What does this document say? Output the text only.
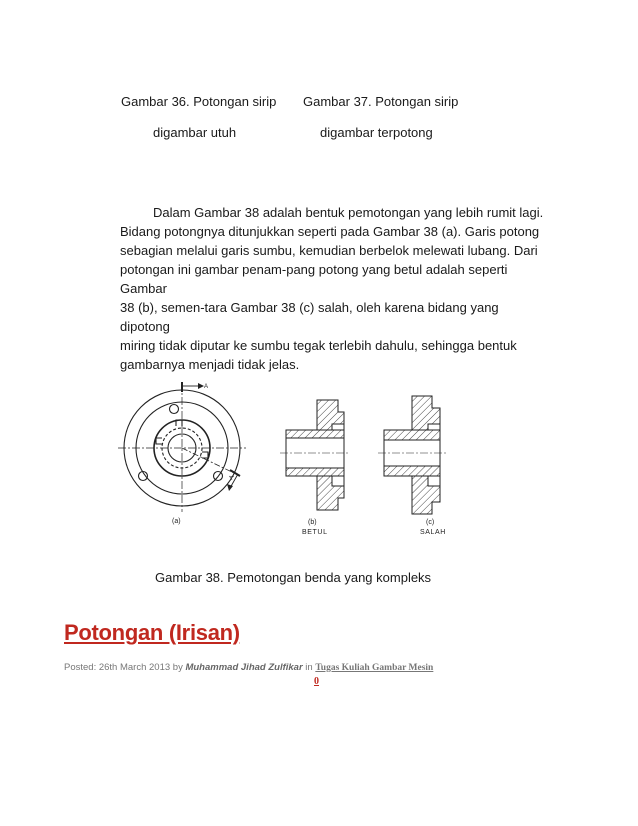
Gambar 36. Potongan sirip
digambar utuh
Gambar 37. Potongan sirip
digambar terpotong

Dalam Gambar 38 adalah bentuk pemotongan yang lebih rumit lagi.

Bidang potongnya ditunjukkan seperti pada Gambar 38 (a). Garis potong

sebagian melalui garis sumbu, kemudian berbelok melewati lubang. Dari

potongan ini gambar penam-pang potong yang betul adalah seperti Gambar

38 (b), semen-tara Gambar 38 (c) salah, oleh karena bidang yang dipotong

miring tidak diputar ke sumbu tegak terlebih dahulu, sehingga bentuk

gambarnya menjadi tidak jelas.

A
A
(a)	(b)
BETUL
(c)
SALAH
Gambar 38. Pemotongan benda yang kompleks
Potongan (Irisan)
Posted: 26th March 2013 by Muhammad Jihad Zulfikar in Tugas Kuliah Gambar Mesin
0
